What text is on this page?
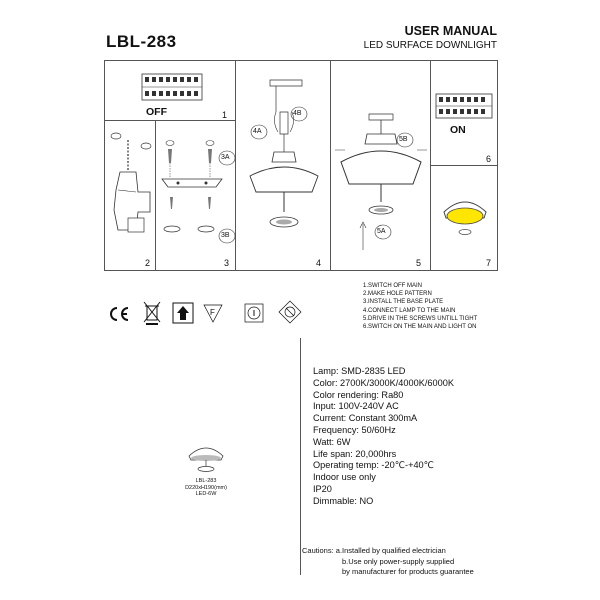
LBL-283
USER MANUAL
LED SURFACE DOWNLIGHT
OFF	1
2
3A
3B
3
4A
4B
4
5B
5A
5
ON
6
7
1.SWITCH OFF MAIN
2.MAKE HOLE PATTERN
3.INSTALL THE BASE PLATE
4.CONNECT LAMP TO THE MAIN
5.DRIVE IN THE SCREWS UNTILL TIGHT
6.SWITCH ON THE MAIN AND LIGHT ON
F
LBL-283
D220xH190(mm)
LED-6W
Lamp: SMD-2835 LED
Color: 2700K/3000K/4000K/6000K
Color rendering: Ra80
Input: 100V-240V AC
Current: Constant 300mA
Frequency: 50/60Hz
Watt: 6W
Life span: 20,000hrs
Operating temp: -20℃-+40℃
Indoor use only
IP20
Dimmable: NO
Cautions: a.Installed by qualified electrician
b.Use only power-supply supplied
by manufacturer for products guarantee
